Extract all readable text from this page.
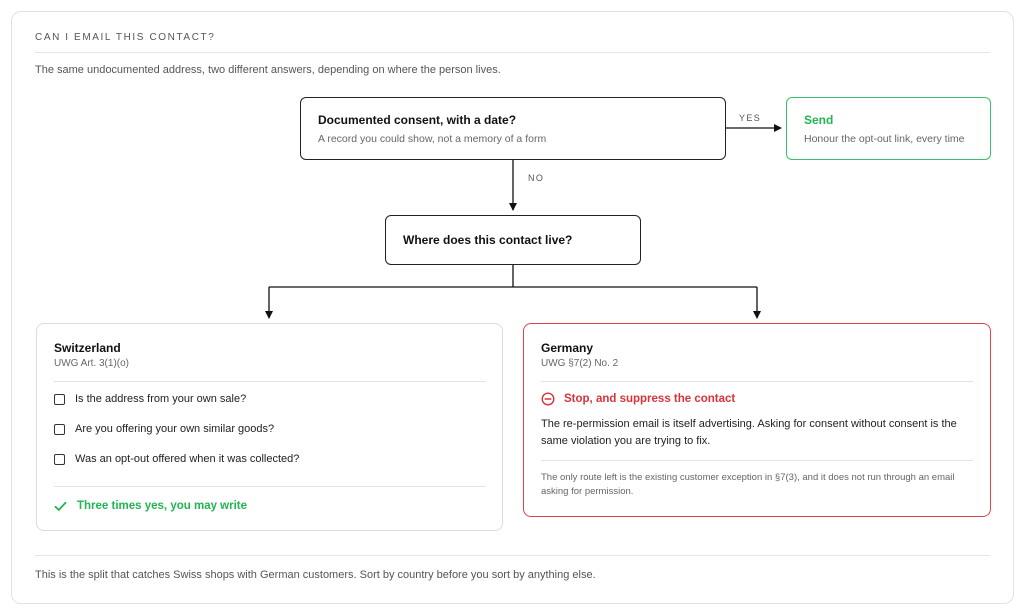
CAN I EMAIL THIS CONTACT?
The same undocumented address, two different answers, depending on where the person lives.
YES
NO
Documented consent, with a date?
A record you could show, not a memory of a form
Send
Honour the opt-out link, every time
Where does this contact live?
Switzerland
UWG Art. 3(1)(o)
Is the address from your own sale?
Are you offering your own similar goods?
Was an opt-out offered when it was collected?
Three times yes, you may write
Germany
UWG §7(2) No. 2
Stop, and suppress the contact
The re-permission email is itself advertising. Asking for consent without consent is the same violation you are trying to fix.
The only route left is the existing customer exception in §7(3), and it does not run through an email asking for permission.
This is the split that catches Swiss shops with German customers. Sort by country before you sort by anything else.
